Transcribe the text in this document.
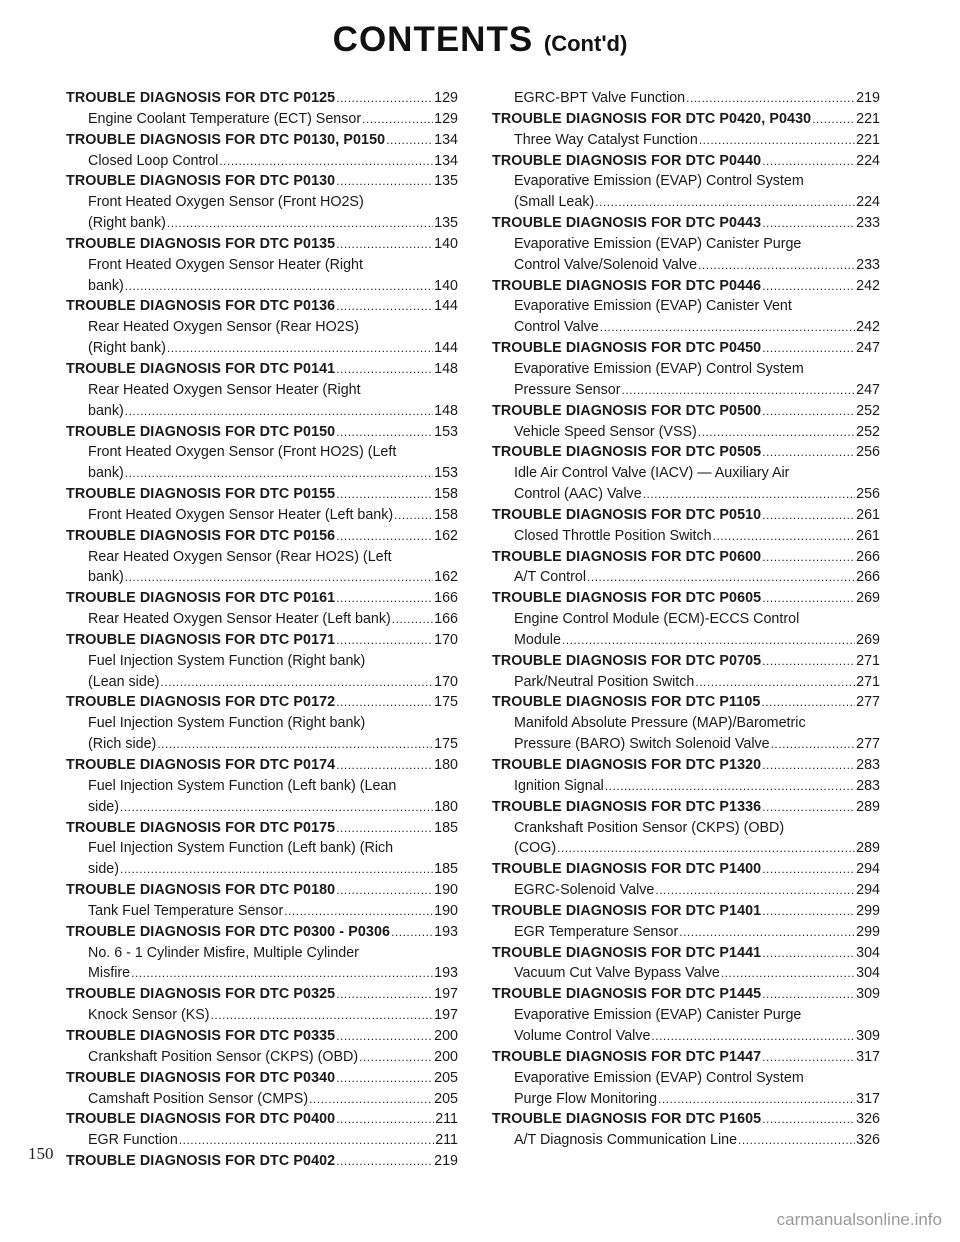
CONTENTS (Cont'd)
TROUBLE DIAGNOSIS FOR DTC P0125 .....	129
Engine Coolant Temperature (ECT) Sensor .....	129
TROUBLE DIAGNOSIS FOR DTC P0130, P0150 .....	134
Closed Loop Control .....	134
TROUBLE DIAGNOSIS FOR DTC P0130 .....	135
Front Heated Oxygen Sensor (Front HO2S)
(Right bank) .....	135
TROUBLE DIAGNOSIS FOR DTC P0135 .....	140
Front Heated Oxygen Sensor Heater (Right
bank) .....	140
TROUBLE DIAGNOSIS FOR DTC P0136 .....	144
Rear Heated Oxygen Sensor (Rear HO2S)
(Right bank) .....	144
TROUBLE DIAGNOSIS FOR DTC P0141 .....	148
Rear Heated Oxygen Sensor Heater (Right
bank) .....	148
TROUBLE DIAGNOSIS FOR DTC P0150 .....	153
Front Heated Oxygen Sensor (Front HO2S) (Left
bank) .....	153
TROUBLE DIAGNOSIS FOR DTC P0155 .....	158
Front Heated Oxygen Sensor Heater (Left bank) .....	158
TROUBLE DIAGNOSIS FOR DTC P0156 .....	162
Rear Heated Oxygen Sensor (Rear HO2S) (Left
bank) .....	162
TROUBLE DIAGNOSIS FOR DTC P0161 .....	166
Rear Heated Oxygen Sensor Heater (Left bank) .....	166
TROUBLE DIAGNOSIS FOR DTC P0171 .....	170
Fuel Injection System Function (Right bank)
(Lean side) .....	170
TROUBLE DIAGNOSIS FOR DTC P0172 .....	175
Fuel Injection System Function (Right bank)
(Rich side) .....	175
TROUBLE DIAGNOSIS FOR DTC P0174 .....	180
Fuel Injection System Function (Left bank) (Lean
side) .....	180
TROUBLE DIAGNOSIS FOR DTC P0175 .....	185
Fuel Injection System Function (Left bank) (Rich
side) .....	185
TROUBLE DIAGNOSIS FOR DTC P0180 .....	190
Tank Fuel Temperature Sensor .....	190
TROUBLE DIAGNOSIS FOR DTC P0300 - P0306 .....	193
No. 6 - 1 Cylinder Misfire, Multiple Cylinder
Misfire .....	193
TROUBLE DIAGNOSIS FOR DTC P0325 .....	197
Knock Sensor (KS) .....	197
TROUBLE DIAGNOSIS FOR DTC P0335 .....	200
Crankshaft Position Sensor (CKPS) (OBD) .....	200
TROUBLE DIAGNOSIS FOR DTC P0340 .....	205
Camshaft Position Sensor (CMPS) .....	205
TROUBLE DIAGNOSIS FOR DTC P0400 .....	211
EGR Function .....	211
TROUBLE DIAGNOSIS FOR DTC P0402 .....	219
EGRC-BPT Valve Function .....	219
TROUBLE DIAGNOSIS FOR DTC P0420, P0430 .....	221
Three Way Catalyst Function .....	221
TROUBLE DIAGNOSIS FOR DTC P0440 .....	224
Evaporative Emission (EVAP) Control System
(Small Leak) .....	224
TROUBLE DIAGNOSIS FOR DTC P0443 .....	233
Evaporative Emission (EVAP) Canister Purge
Control Valve/Solenoid Valve .....	233
TROUBLE DIAGNOSIS FOR DTC P0446 .....	242
Evaporative Emission (EVAP) Canister Vent
Control Valve .....	242
TROUBLE DIAGNOSIS FOR DTC P0450 .....	247
Evaporative Emission (EVAP) Control System
Pressure Sensor .....	247
TROUBLE DIAGNOSIS FOR DTC P0500 .....	252
Vehicle Speed Sensor (VSS) .....	252
TROUBLE DIAGNOSIS FOR DTC P0505 .....	256
Idle Air Control Valve (IACV) — Auxiliary Air
Control (AAC) Valve .....	256
TROUBLE DIAGNOSIS FOR DTC P0510 .....	261
Closed Throttle Position Switch .....	261
TROUBLE DIAGNOSIS FOR DTC P0600 .....	266
A/T Control .....	266
TROUBLE DIAGNOSIS FOR DTC P0605 .....	269
Engine Control Module (ECM)-ECCS Control
Module .....	269
TROUBLE DIAGNOSIS FOR DTC P0705 .....	271
Park/Neutral Position Switch .....	271
TROUBLE DIAGNOSIS FOR DTC P1105 .....	277
Manifold Absolute Pressure (MAP)/Barometric
Pressure (BARO) Switch Solenoid Valve .....	277
TROUBLE DIAGNOSIS FOR DTC P1320 .....	283
Ignition Signal .....	283
TROUBLE DIAGNOSIS FOR DTC P1336 .....	289
Crankshaft Position Sensor (CKPS) (OBD)
(COG) .....	289
TROUBLE DIAGNOSIS FOR DTC P1400 .....	294
EGRC-Solenoid Valve .....	294
TROUBLE DIAGNOSIS FOR DTC P1401 .....	299
EGR Temperature Sensor .....	299
TROUBLE DIAGNOSIS FOR DTC P1441 .....	304
Vacuum Cut Valve Bypass Valve .....	304
TROUBLE DIAGNOSIS FOR DTC P1445 .....	309
Evaporative Emission (EVAP) Canister Purge
Volume Control Valve .....	309
TROUBLE DIAGNOSIS FOR DTC P1447 .....	317
Evaporative Emission (EVAP) Control System
Purge Flow Monitoring .....	317
TROUBLE DIAGNOSIS FOR DTC P1605 .....	326
A/T Diagnosis Communication Line .....	326
150
carmanualsonline.info
